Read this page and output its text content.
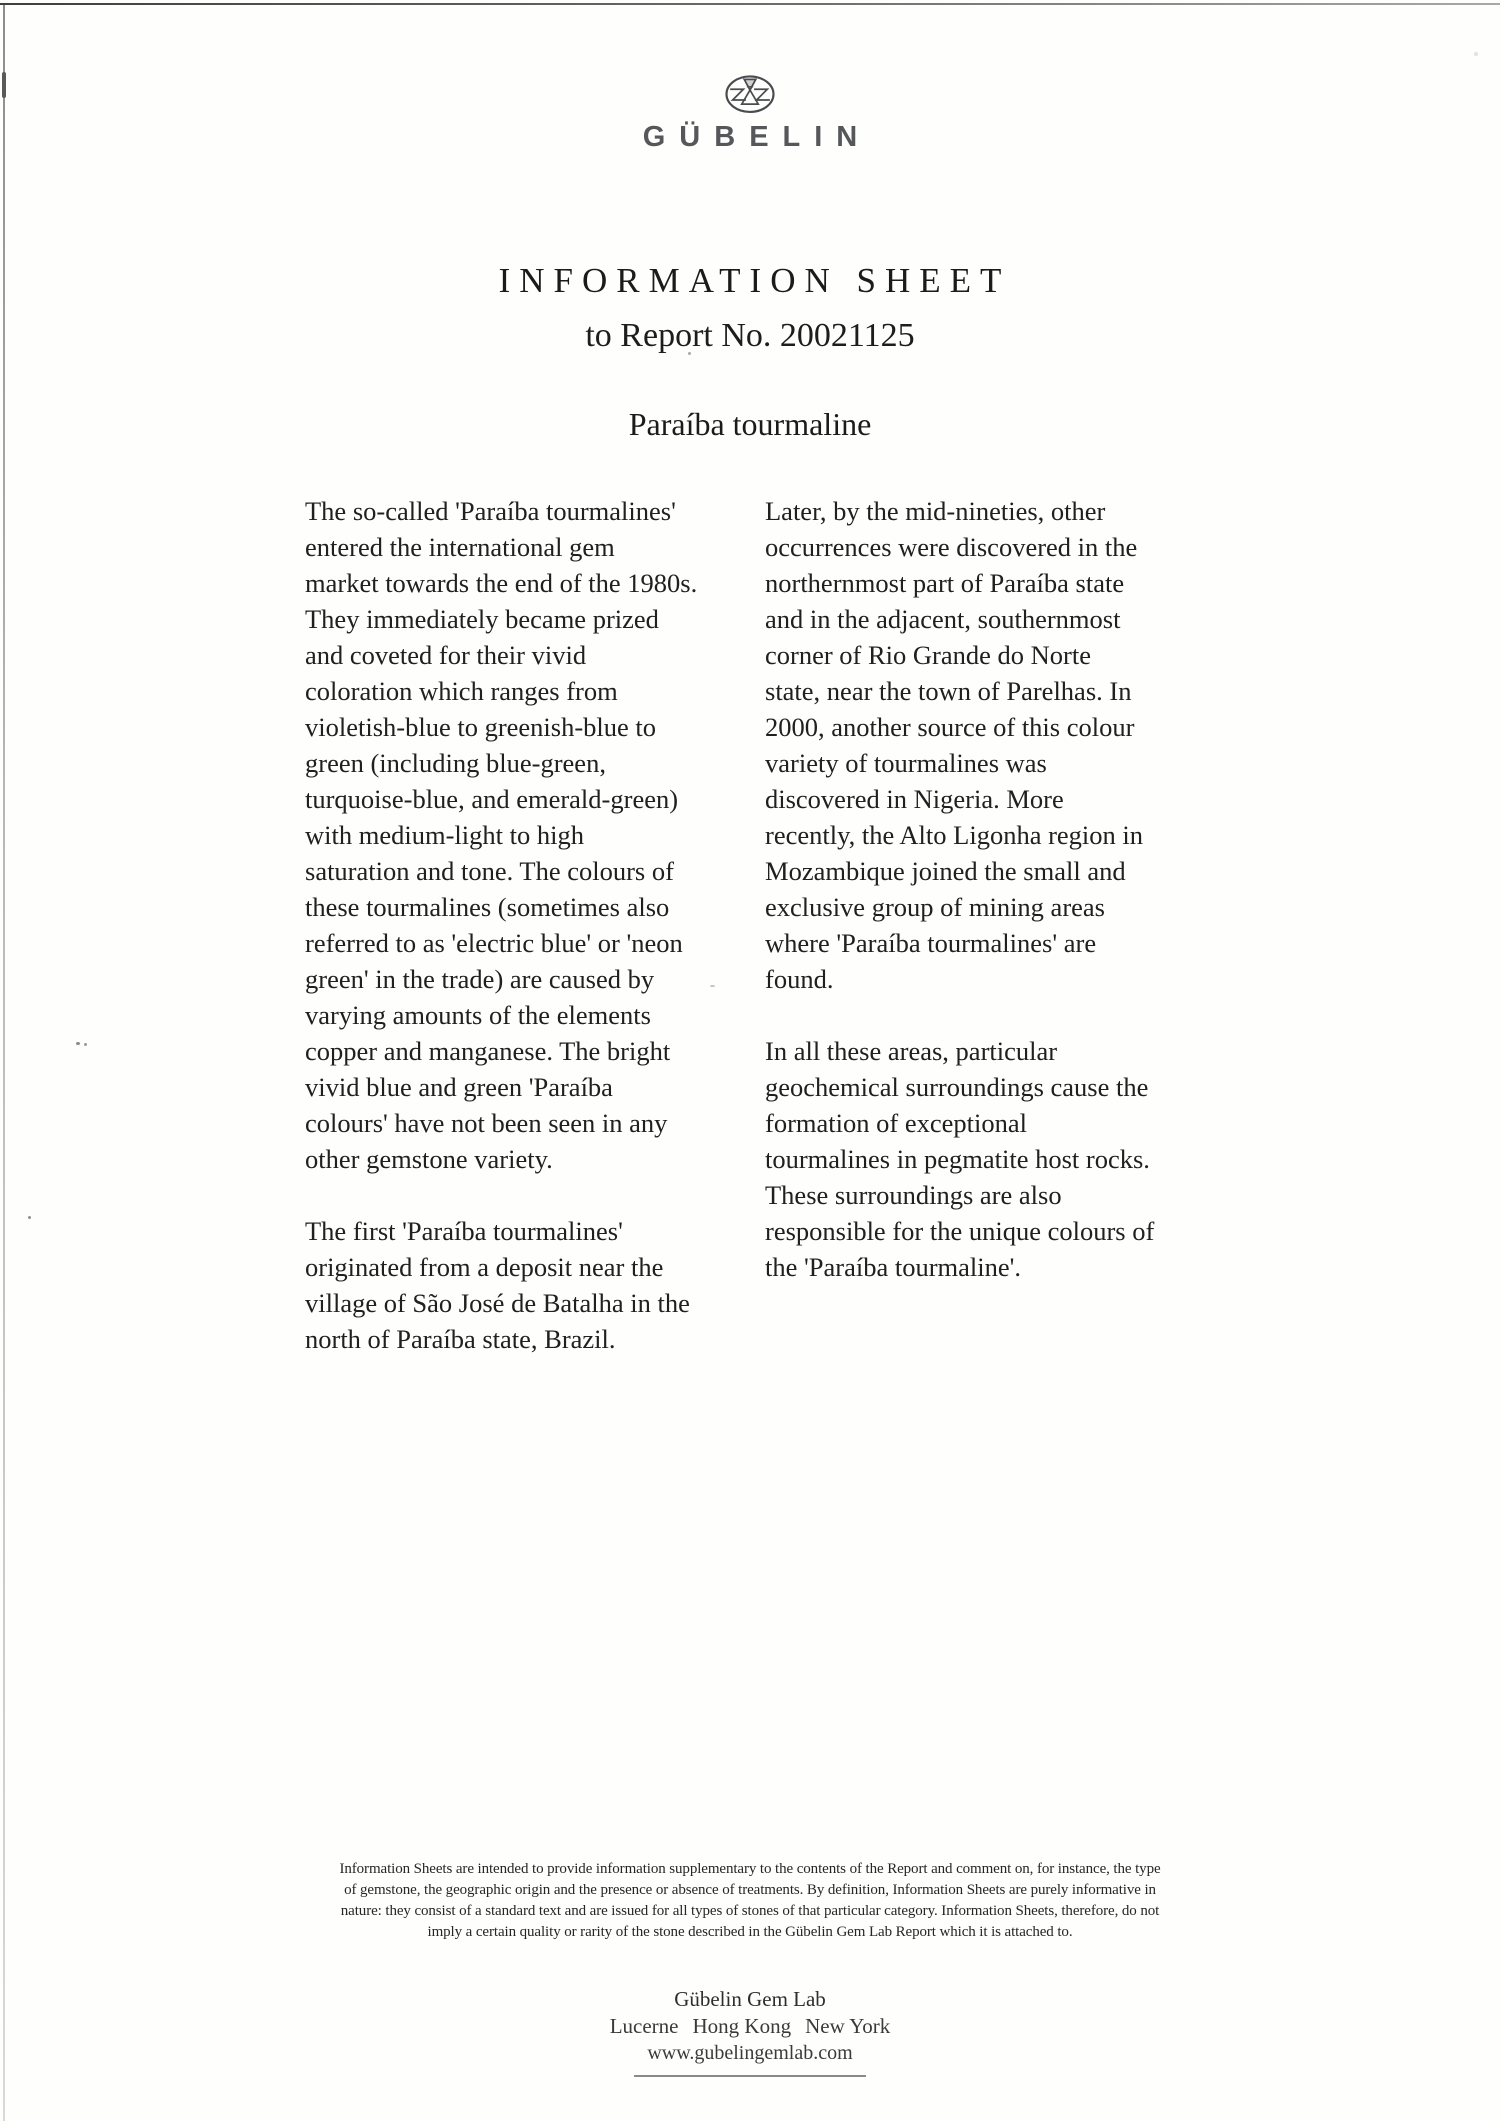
GÜBELIN
INFORMATION SHEET
to Report No. 20021125
Paraíba tourmaline
The so-called 'Paraíba tourmalines'
entered the international gem
market towards the end of the 1980s.
They immediately became prized
and coveted for their vivid
coloration which ranges from
violetish-blue to greenish-blue to
green (including blue-green,
turquoise-blue, and emerald-green)
with medium-light to high
saturation and tone. The colours of
these tourmalines (sometimes also
referred to as 'electric blue' or 'neon
green' in the trade) are caused by
varying amounts of the elements
copper and manganese. The bright
vivid blue and green 'Paraíba
colours' have not been seen in any
other gemstone variety.
The first 'Paraíba tourmalines'
originated from a deposit near the
village of São José de Batalha in the
north of Paraíba state, Brazil.
Later, by the mid-nineties, other
occurrences were discovered in the
northernmost part of Paraíba state
and in the adjacent, southernmost
corner of Rio Grande do Norte
state, near the town of Parelhas. In
2000, another source of this colour
variety of tourmalines was
discovered in Nigeria. More
recently, the Alto Ligonha region in
Mozambique joined the small and
exclusive group of mining areas
where 'Paraíba tourmalines' are
found.
In all these areas, particular
geochemical surroundings cause the
formation of exceptional
tourmalines in pegmatite host rocks.
These surroundings are also
responsible for the unique colours of
the 'Paraíba tourmaline'.
Information Sheets are intended to provide information supplementary to the contents of the Report and comment on, for instance, the type
of gemstone, the geographic origin and the presence or absence of treatments. By definition, Information Sheets are purely informative in
nature: they consist of a standard text and are issued for all types of stones of that particular category. Information Sheets, therefore, do not
imply a certain quality or rarity of the stone described in the Gübelin Gem Lab Report which it is attached to.
Gübelin Gem Lab
Lucerne Hong Kong New York
www.gubelingemlab.com
